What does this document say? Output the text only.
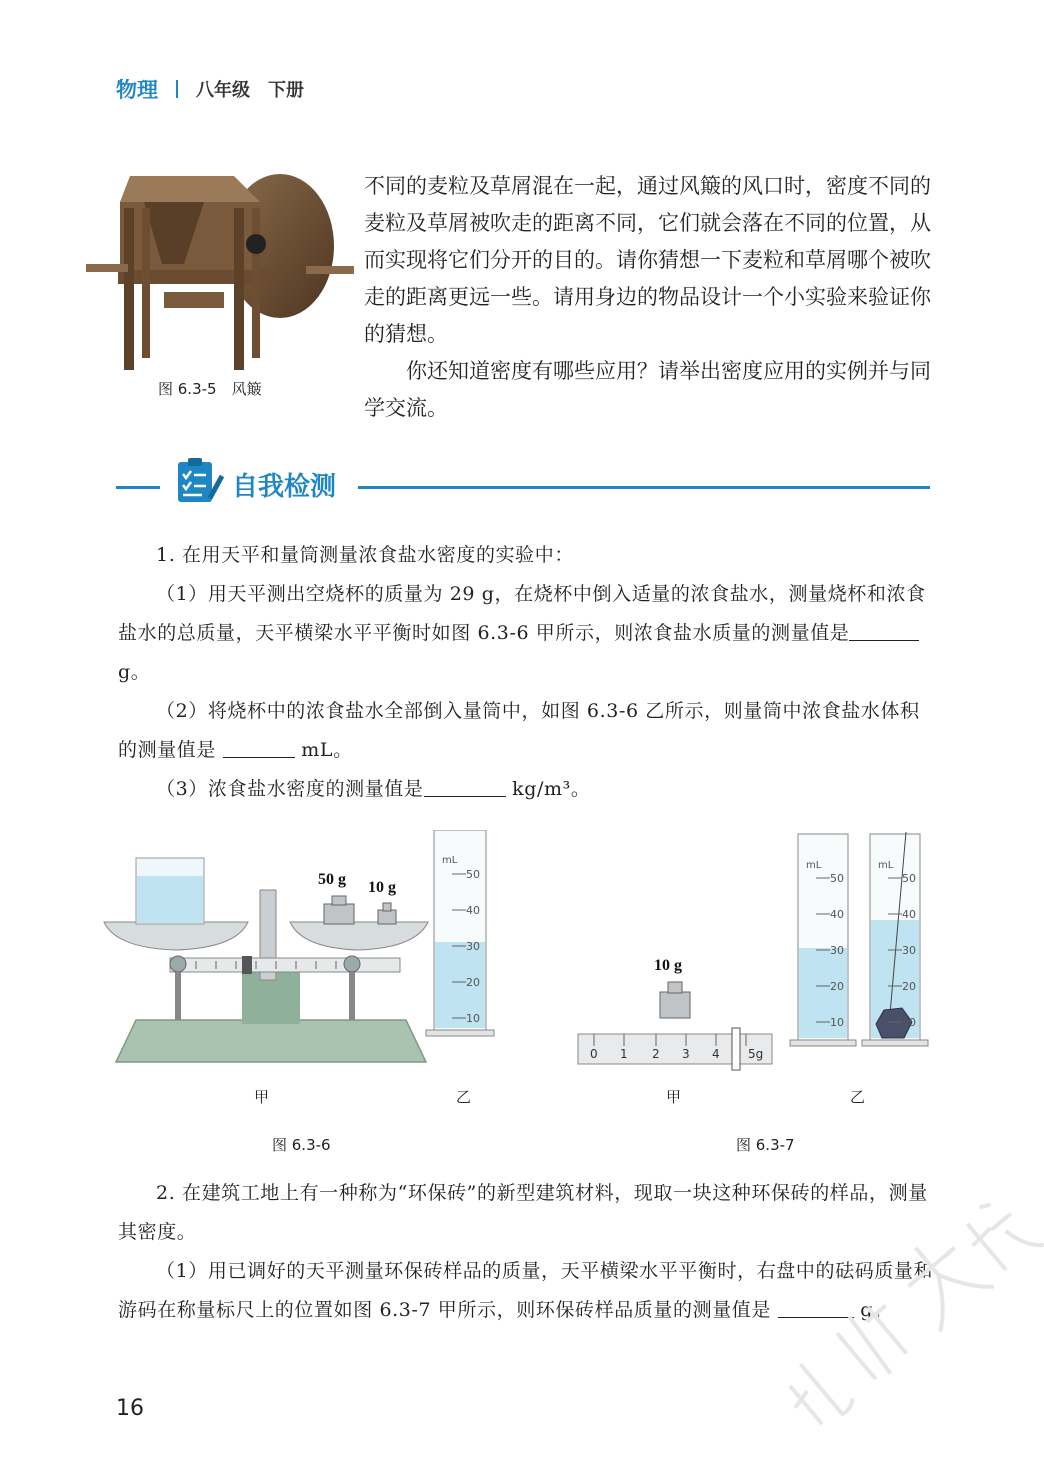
物理 八年级　下册
图 6.3-5　风簸

不同的麦粒及草屑混在一起，通过风簸的风口时，密度不同的麦粒及草屑被吹走的距离不同，它们就会落在不同的位置，从而实现将它们分开的目的。请你猜想一下麦粒和草屑哪个被吹走的距离更远一些。请用身边的物品设计一个小实验来验证你的猜想。

你还知道密度有哪些应用？请举出密度应用的实例并与同学交流。

自我检测

1. 在用天平和量筒测量浓食盐水密度的实验中：

（1）用天平测出空烧杯的质量为 29 g，在烧杯中倒入适量的浓食盐水，测量烧杯和浓食盐水的总质量，天平横梁水平平衡时如图 6.3-6 甲所示，则浓食盐水质量的测量值是g。

（2）将烧杯中的浓食盐水全部倒入量筒中，如图 6.3-6 乙所示，则量筒中浓食盐水体积的测量值是	mL。

（3）浓食盐水密度的测量值是	kg/m³。

50 g 10 g
mL
50
40
30
20
10
甲	乙
图 6.3-6
10 g
0 1 2 3 4 5g
mL
50
40
30
20
10
mL
50
40
30
20
10
甲	乙
图 6.3-7

2. 在建筑工地上有一种称为“环保砖”的新型建筑材料，现取一块这种环保砖的样品，测量其密度。

（1）用已调好的天平测量环保砖样品的质量，天平横梁水平平衡时，右盘中的砝码质量和游码在称量标尺上的位置如图 6.3-7 甲所示，则环保砖样品质量的测量值是	g。

16
